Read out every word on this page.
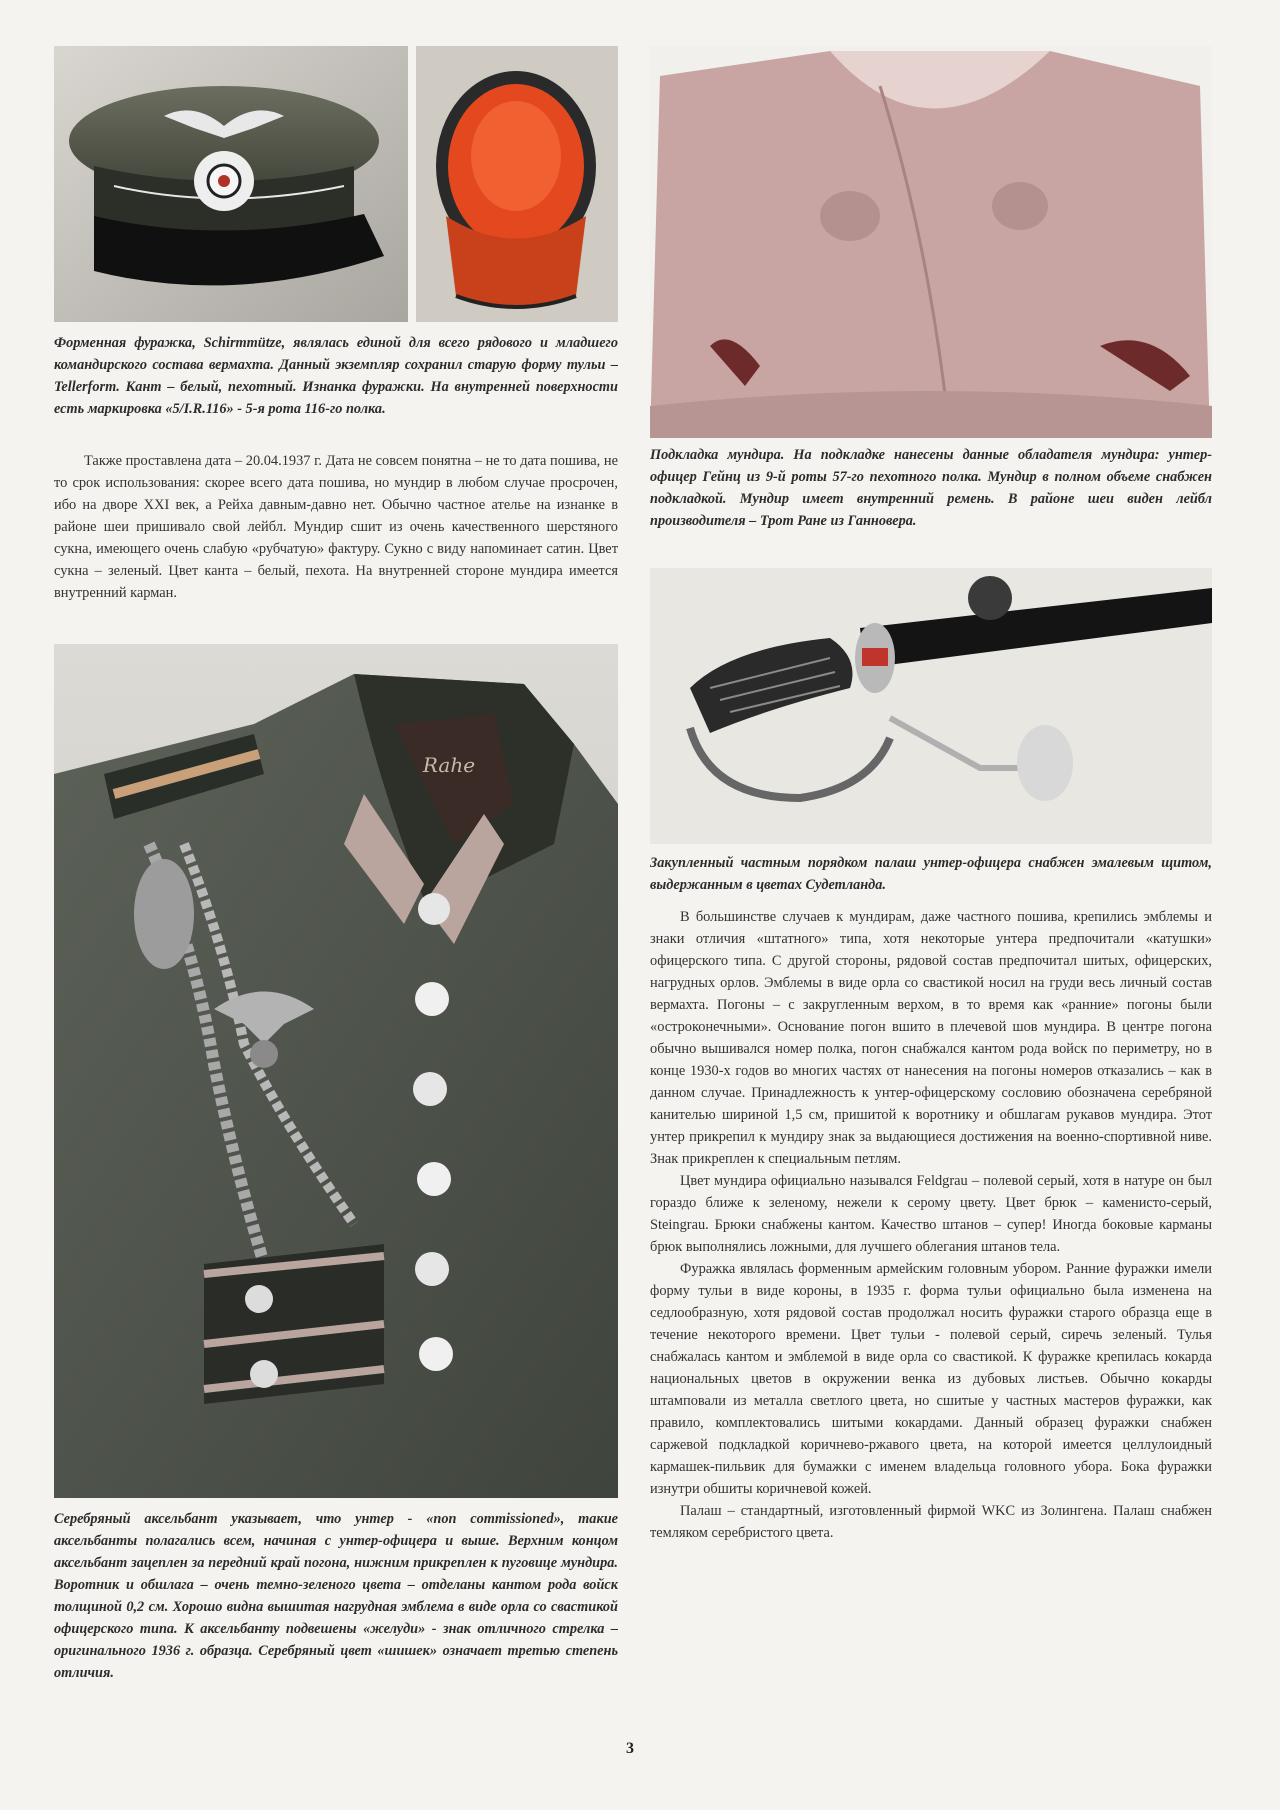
Подкладка мундира. На подкладке нанесены данные обладателя мундира: унтер-офицер Гейнц из 9-й роты 57-го пехотного полка. Мундир в полном объеме снабжен подкладкой. Мундир имеет внутренний ремень. В районе шеи виден лейбл производителя – Трот Ране из Ганновера.

Форменная фуражка, Schirmmütze, являлась единой для всего рядового и младшего командирского состава вермахта. Данный экземпляр сохранил старую форму тульи – Tellerform. Кант – белый, пехотный. Изнанка фуражки. На внутренней поверхности есть маркировка «5/I.R.116» - 5-я рота 116-го полка.

Также проставлена дата – 20.04.1937 г. Дата не совсем понятна – не то дата пошива, не то срок использования: скорее всего дата пошива, но мундир в любом случае просрочен, ибо на дворе XXI век, а Рейха давным-давно нет. Обычно частное ателье на изнанке в районе шеи пришивало свой лейбл. Мундир сшит из очень качественного шерстяного сукна, имеющего очень слабую «рубчатую» фактуру. Сукно с виду напоминает сатин. Цвет сукна – зеленый. Цвет канта – белый, пехота. На внутренней стороне мундира имеется внутренний карман.

Закупленный частным порядком палаш унтер-офицера снабжен эмалевым щитом, выдержанным в цветах Судетланда.

Rahe

Серебряный аксельбант указывает, что унтер - «non commissioned», такие аксельбанты полагались всем, начиная с унтер-офицера и выше. Верхним концом аксельбант зацеплен за передний край погона, нижним прикреплен к пуговице мундира. Воротник и обшлага – очень темно-зеленого цвета – отделаны кантом рода войск толщиной 0,2 см. Хорошо видна вышитая нагрудная эмблема в виде орла со свастикой офицерского типа. К аксельбанту подвешены «желуди» - знак отличного стрелка – оригинального 1936 г. образца. Серебряный цвет «шишек» означает третью степень отличия.

В большинстве случаев к мундирам, даже частного пошива, крепились эмблемы и знаки отличия «штатного» типа, хотя некоторые унтера предпочитали «катушки» офицерского типа. С другой стороны, рядовой состав предпочитал шитых, офицерских, нагрудных орлов. Эмблемы в виде орла со свастикой носил на груди весь личный состав вермахта. Погоны – с закругленным верхом, в то время как «ранние» погоны были «остроконечными». Основание погон вшито в плечевой шов мундира. В центре погона обычно вышивался номер полка, погон снабжался кантом рода войск по периметру, но в конце 1930-х годов во многих частях от нанесения на погоны номеров отказались – как в данном случае. Принадлежность к унтер-офицерскому сословию обозначена серебряной канителью шириной 1,5 см, пришитой к воротнику и обшлагам рукавов мундира. Этот унтер прикрепил к мундиру знак за выдающиеся достижения на военно-спортивной ниве. Знак прикреплен к специальным петлям.

Цвет мундира официально назывался Feldgrau – полевой серый, хотя в натуре он был гораздо ближе к зеленому, нежели к серому цвету. Цвет брюк – каменисто-серый, Steingrau. Брюки снабжены кантом. Качество штанов – супер! Иногда боковые карманы брюк выполнялись ложными, для лучшего облегания штанов тела.

Фуражка являлась форменным армейским головным убором. Ранние фуражки имели форму тульи в виде короны, в 1935 г. форма тульи официально была изменена на седлообразную, хотя рядовой состав продолжал носить фуражки старого образца еще в течение некоторого времени. Цвет тульи - полевой серый, сиречь зеленый. Тулья снабжалась кантом и эмблемой в виде орла со свастикой. К фуражке крепилась кокарда национальных цветов в окружении венка из дубовых листьев. Обычно кокарды штамповали из металла светлого цвета, но сшитые у частных мастеров фуражки, как правило, комплектовались шитыми кокардами. Данный образец фуражки снабжен саржевой подкладкой коричнево-ржавого цвета, на которой имеется целлулоидный кармашек-пильвик для бумажки с именем владельца головного убора. Бока фуражки изнутри обшиты коричневой кожей.

Палаш – стандартный, изготовленный фирмой WKC из Золингена. Палаш снабжен темляком серебристого цвета.

3
